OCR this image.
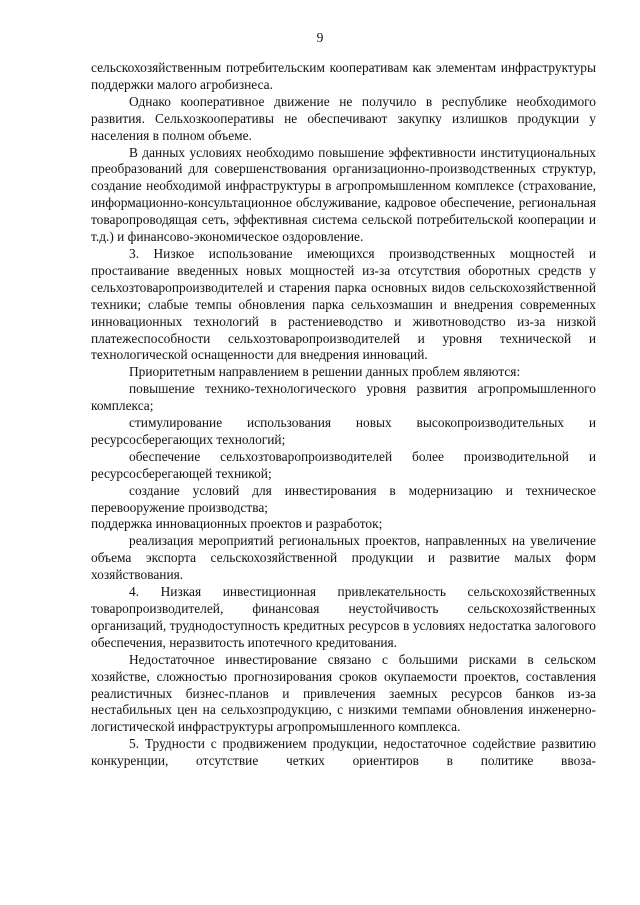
9

сельскохозяйственным потребительским кооперативам как элементам инфраструктуры поддержки малого агробизнеса.

Однако кооперативное движение не получило в республике необходимого развития. Сельхозкооперативы не обеспечивают закупку излишков продукции у населения в полном объеме.

В данных условиях необходимо повышение эффективности институциональных преобразований для совершенствования организационно-производственных структур, создание необходимой инфраструктуры в агропромышленном комплексе (страхование, информационно-консультационное обслуживание, кадровое обеспечение, региональная товаропроводящая сеть, эффективная система сельской потребительской кооперации и т.д.) и финансово-экономическое оздоровление.

3. Низкое использование имеющихся производственных мощностей и простаивание введенных новых мощностей из-за отсутствия оборотных средств у сельхозтоваропроизводителей и старения парка основных видов сельскохозяйственной техники; слабые темпы обновления парка сельхозмашин и внедрения современных инновационных технологий в растениеводство и животноводство из-за низкой платежеспособности сельхозтоваропроизводителей и уровня технической и технологической оснащенности для внедрения инноваций.

Приоритетным направлением в решении данных проблем являются:

повышение технико-технологического уровня развития агропромышленного комплекса;

стимулирование использования новых высокопроизводительных и ресурсосберегающих технологий;

обеспечение сельхозтоваропроизводителей более производительной и ресурсосберегающей техникой;

создание условий для инвестирования в модернизацию и техническое перевооружение производства;

поддержка инновационных проектов и разработок;

реализация мероприятий региональных проектов, направленных на увеличение объема экспорта сельскохозяйственной продукции и развитие малых форм хозяйствования.

4. Низкая инвестиционная привлекательность сельскохозяйственных товаропроизводителей, финансовая неустойчивость сельскохозяйственных организаций, труднодоступность кредитных ресурсов в условиях недостатка залогового обеспечения, неразвитость ипотечного кредитования.

Недостаточное инвестирование связано с большими рисками в сельском хозяйстве, сложностью прогнозирования сроков окупаемости проектов, составления реалистичных бизнес-планов и привлечения заемных ресурсов банков из-за нестабильных цен на сельхозпродукцию, с низкими темпами обновления инженерно-логистической инфраструктуры агропромышленного комплекса.

5. Трудности с продвижением продукции, недостаточное содействие развитию конкуренции, отсутствие четких ориентиров в политике ввоза-
